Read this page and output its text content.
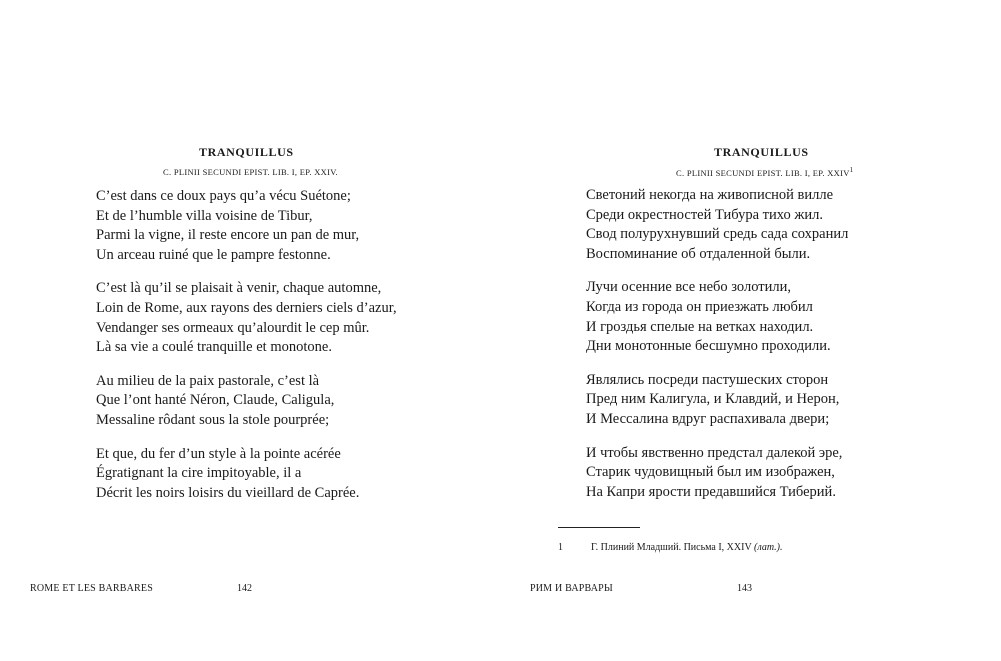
TRANQUILLUS
C. PLINII SECUNDI EPIST. LIB. I, EP. XXIV.
C’est dans ce doux pays qu’a vécu Suétone;
Et de l’humble villa voisine de Tibur,
Parmi la vigne, il reste encore un pan de mur,
Un arceau ruiné que le pampre festonne.
C’est là qu’il se plaisait à venir, chaque automne,
Loin de Rome, aux rayons des derniers ciels d’azur,
Vendanger ses ormeaux qu’alourdit le cep mûr.
Là sa vie a coulé tranquille et monotone.
Au milieu de la paix pastorale, c’est là
Que l’ont hanté Néron, Claude, Caligula,
Messaline rôdant sous la stole pourprée;
Et que, du fer d’un style à la pointe acérée
Égratignant la cire impitoyable, il a
Décrit les noirs loisirs du vieillard de Caprée.
ROME ET LES BARBARES	142
TRANQUILLUS
C. PLINII SECUNDI EPIST. LIB. I, EP. XXIV$^1$
Светоний некогда на живописной вилле
Среди окрестностей Тибура тихо жил.
Свод полурухнувший средь сада сохранил
Воспоминание об отдаленной были.
Лучи осенние все небо золотили,
Когда из города он приезжать любил
И гроздья спелые на ветках находил.
Дни монотонные бесшумно проходили.
Являлись посреди пастушеских сторон
Пред ним Калигула, и Клавдий, и Нерон,
И Мессалина вдруг распахивала двери;
И чтобы явственно предстал далекой эре,
Старик чудовищный был им изображен,
На Капри ярости предавшийся Тиберий.
1	Г. Плиний Младший. Письма I, XXIV (лат.).
РИМ И ВАРВАРЫ	143
